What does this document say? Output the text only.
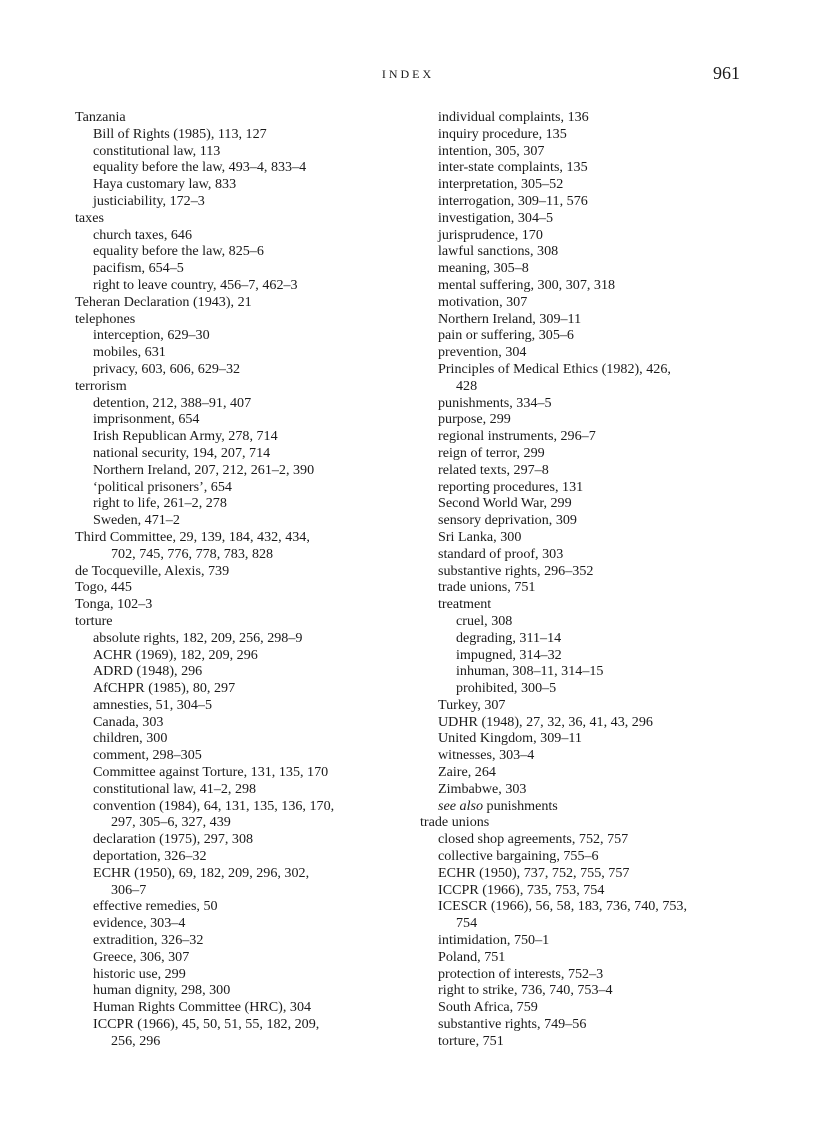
INDEX	961
Tanzania
Bill of Rights (1985), 113, 127
constitutional law, 113
equality before the law, 493–4, 833–4
Haya customary law, 833
justiciability, 172–3
taxes
church taxes, 646
equality before the law, 825–6
pacifism, 654–5
right to leave country, 456–7, 462–3
Teheran Declaration (1943), 21
telephones
interception, 629–30
mobiles, 631
privacy, 603, 606, 629–32
terrorism
detention, 212, 388–91, 407
imprisonment, 654
Irish Republican Army, 278, 714
national security, 194, 207, 714
Northern Ireland, 207, 212, 261–2, 390
‘political prisoners’, 654
right to life, 261–2, 278
Sweden, 471–2
Third Committee, 29, 139, 184, 432, 434,
702, 745, 776, 778, 783, 828
de Tocqueville, Alexis, 739
Togo, 445
Tonga, 102–3
torture
absolute rights, 182, 209, 256, 298–9
ACHR (1969), 182, 209, 296
ADRD (1948), 296
AfCHPR (1985), 80, 297
amnesties, 51, 304–5
Canada, 303
children, 300
comment, 298–305
Committee against Torture, 131, 135, 170
constitutional law, 41–2, 298
convention (1984), 64, 131, 135, 136, 170,
297, 305–6, 327, 439
declaration (1975), 297, 308
deportation, 326–32
ECHR (1950), 69, 182, 209, 296, 302,
306–7
effective remedies, 50
evidence, 303–4
extradition, 326–32
Greece, 306, 307
historic use, 299
human dignity, 298, 300
Human Rights Committee (HRC), 304
ICCPR (1966), 45, 50, 51, 55, 182, 209,
256, 296
individual complaints, 136
inquiry procedure, 135
intention, 305, 307
inter-state complaints, 135
interpretation, 305–52
interrogation, 309–11, 576
investigation, 304–5
jurisprudence, 170
lawful sanctions, 308
meaning, 305–8
mental suffering, 300, 307, 318
motivation, 307
Northern Ireland, 309–11
pain or suffering, 305–6
prevention, 304
Principles of Medical Ethics (1982), 426,
428
punishments, 334–5
purpose, 299
regional instruments, 296–7
reign of terror, 299
related texts, 297–8
reporting procedures, 131
Second World War, 299
sensory deprivation, 309
Sri Lanka, 300
standard of proof, 303
substantive rights, 296–352
trade unions, 751
treatment
cruel, 308
degrading, 311–14
impugned, 314–32
inhuman, 308–11, 314–15
prohibited, 300–5
Turkey, 307
UDHR (1948), 27, 32, 36, 41, 43, 296
United Kingdom, 309–11
witnesses, 303–4
Zaire, 264
Zimbabwe, 303
see also punishments
trade unions
closed shop agreements, 752, 757
collective bargaining, 755–6
ECHR (1950), 737, 752, 755, 757
ICCPR (1966), 735, 753, 754
ICESCR (1966), 56, 58, 183, 736, 740, 753,
754
intimidation, 750–1
Poland, 751
protection of interests, 752–3
right to strike, 736, 740, 753–4
South Africa, 759
substantive rights, 749–56
torture, 751
